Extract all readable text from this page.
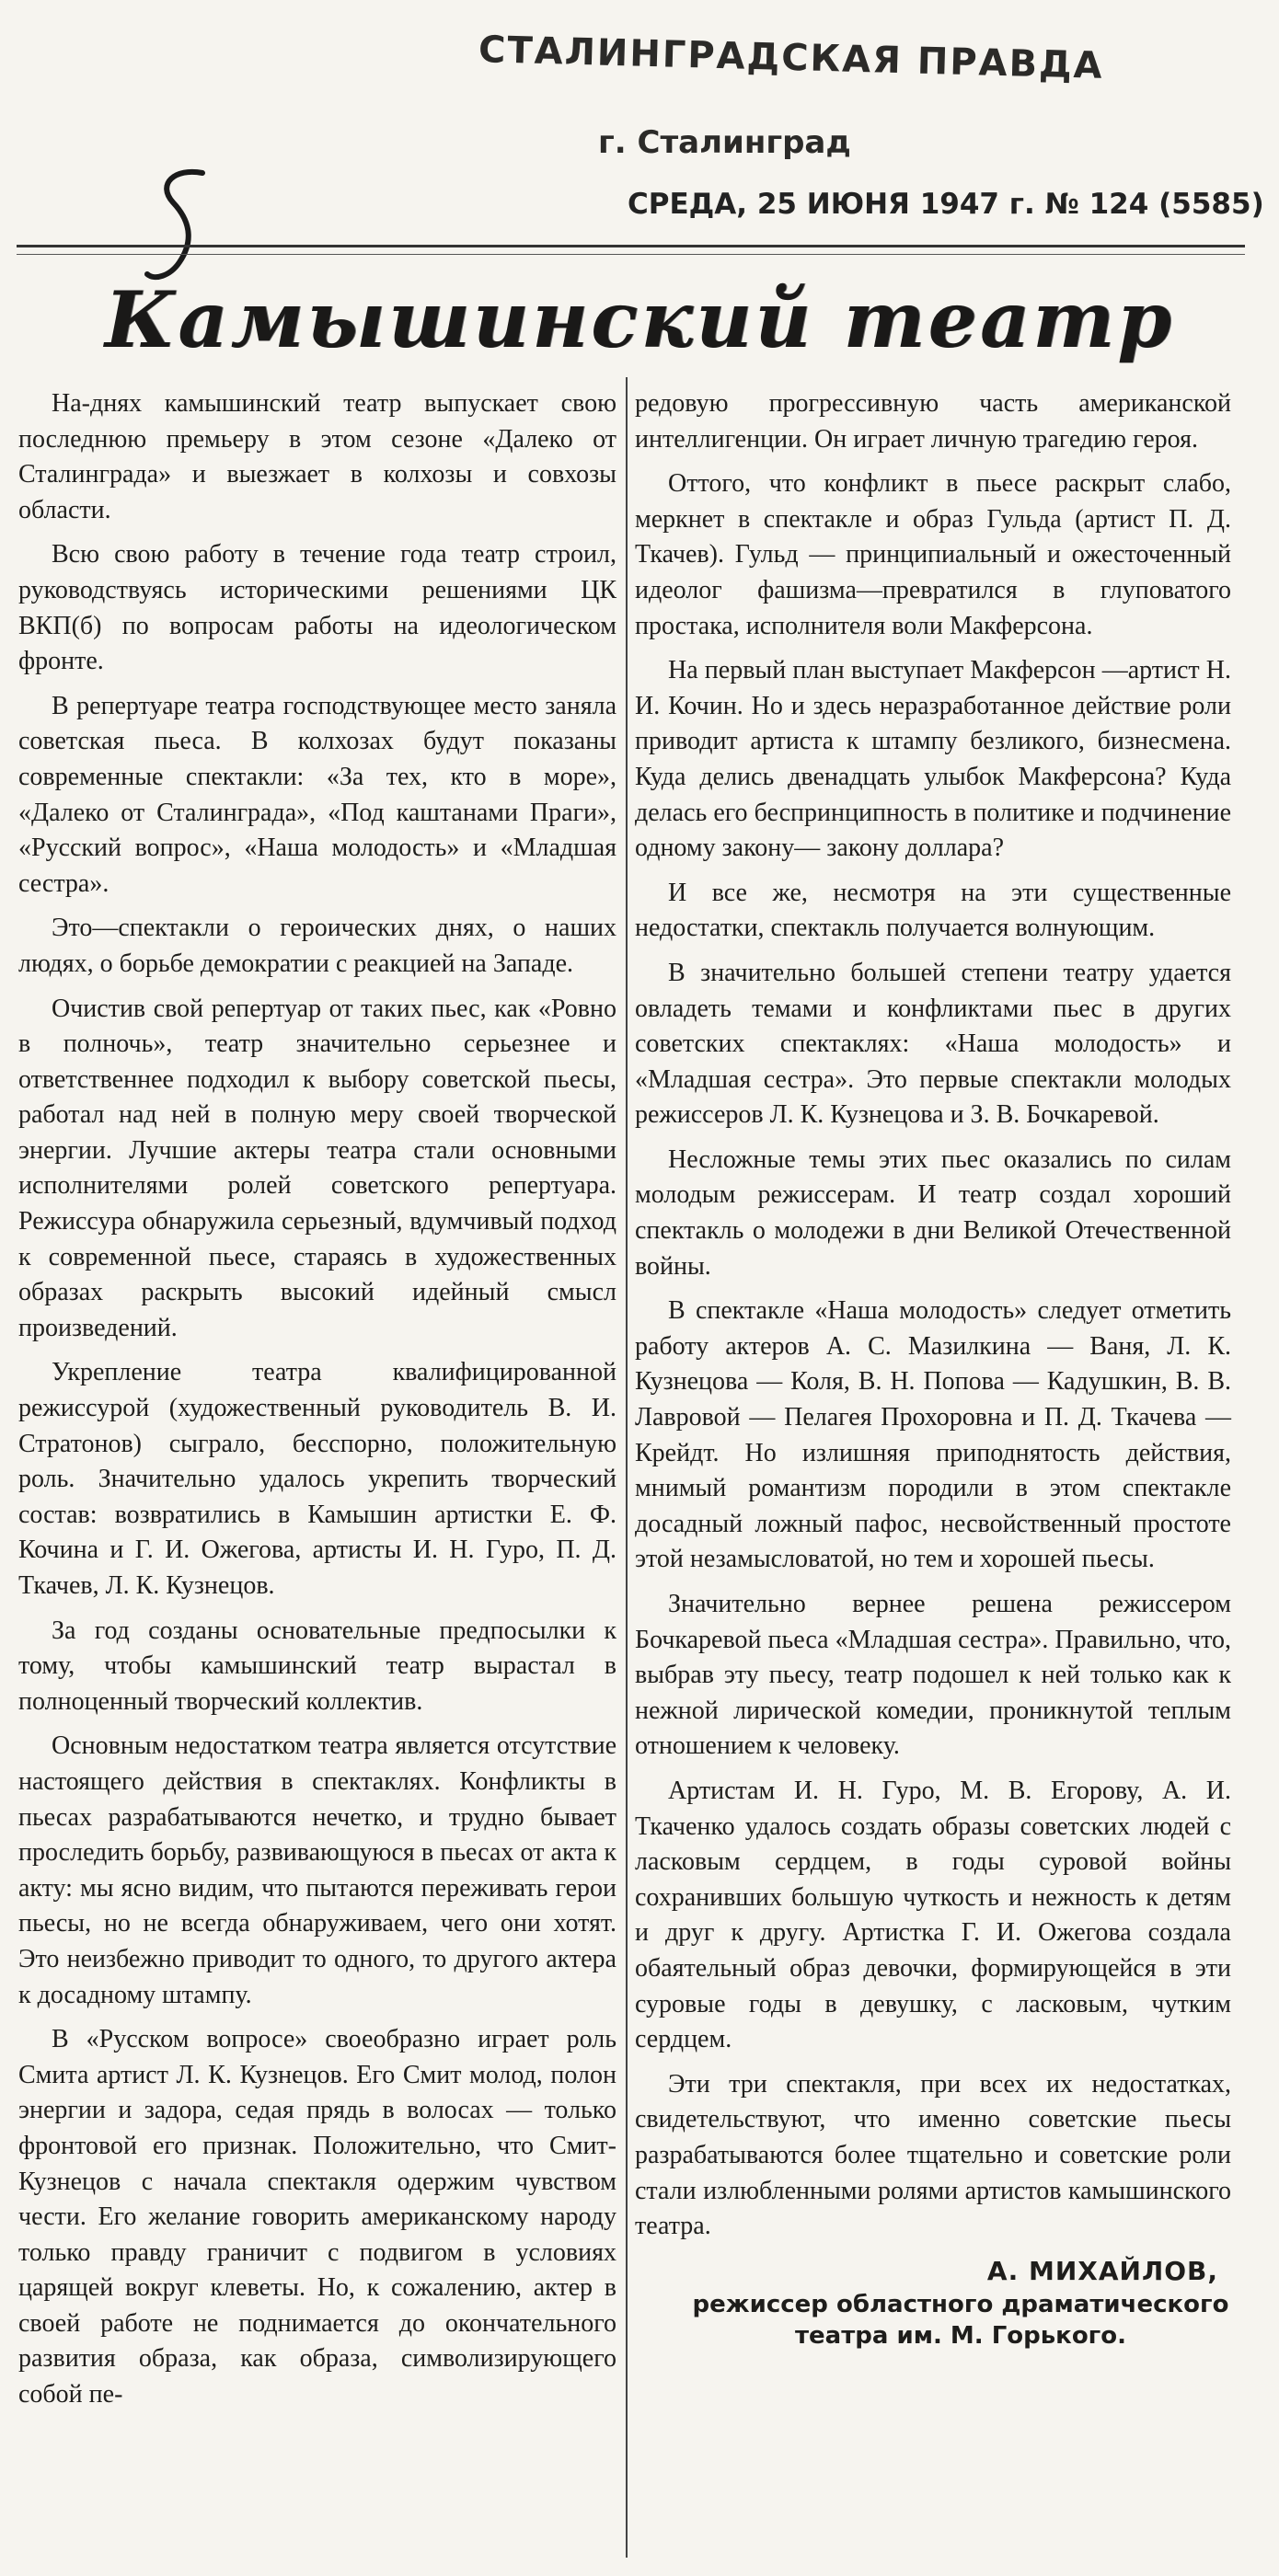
СТАЛИНГРАДСКАЯ ПРАВДА
г. Сталинград
СРЕДА, 25 ИЮНЯ 1947 г. № 124 (5585)
Камышинский театр

На-днях камышинский театр выпускает свою последнюю премьеру в этом сезоне «Далеко от Сталинграда» и выезжает в колхозы и совхозы области.

Всю свою работу в течение года театр строил, руководствуясь историческими решениями ЦК ВКП(б) по вопросам работы на идеологическом фронте.

В репертуаре театра господствующее место заняла советская пьеса. В колхозах будут показаны современные спектакли: «За тех, кто в море», «Далеко от Сталинграда», «Под каштанами Праги», «Русский вопрос», «Наша молодость» и «Младшая сестра».

Это—спектакли о героических днях, о наших людях, о борьбе демократии с реакцией на Западе.

Очистив свой репертуар от таких пьес, как «Ровно в полночь», театр значительно серьезнее и ответственнее подходил к выбору советской пьесы, работал над ней в полную меру своей творческой энергии. Лучшие актеры театра стали основными исполнителями ролей советского репертуара. Режиссура обнаружила серьезный, вдумчивый подход к современной пьесе, стараясь в художественных образах раскрыть высокий идейный смысл произведений.

Укрепление театра квалифицированной режиссурой (художественный руководитель В. И. Стратонов) сыграло, бесспорно, положительную роль. Значительно удалось укрепить творческий состав: возвратились в Камышин артистки Е. Ф. Кочина и Г. И. Ожегова, артисты И. Н. Гуро, П. Д. Ткачев, Л. К. Кузнецов.

За год созданы основательные предпосылки к тому, чтобы камышинский театр вырастал в полноценный творческий коллектив.

Основным недостатком театра является отсутствие настоящего действия в спектаклях. Конфликты в пьесах разрабатываются нечетко, и трудно бывает проследить борьбу, развивающуюся в пьесах от акта к акту: мы ясно видим, что пытаются переживать герои пьесы, но не всегда обнаруживаем, чего они хотят. Это неизбежно приводит то одного, то другого актера к досадному штампу.

В «Русском вопросе» своеобразно играет роль Смита артист Л. К. Кузнецов. Его Смит молод, полон энергии и задора, седая прядь в волосах — только фронтовой его признак. Положительно, что Смит-Кузнецов с начала спектакля одержим чувством чести. Его желание говорить американскому народу только правду граничит с подвигом в условиях царящей вокруг клеветы. Но, к сожалению, актер в своей работе не поднимается до окончательного развития образа, как образа, символизирующего собой пе-

редовую прогрессивную часть американской интеллигенции. Он играет личную трагедию героя.

Оттого, что конфликт в пьесе раскрыт слабо, меркнет в спектакле и образ Гульда (артист П. Д. Ткачев). Гульд — принципиальный и ожесточенный идеолог фашизма—превратился в глуповатого простака, исполнителя воли Макферсона.

На первый план выступает Макферсон —артист Н. И. Кочин. Но и здесь неразработанное действие роли приводит артиста к штампу безликого, бизнесмена. Куда делись двенадцать улыбок Макферсона? Куда делась его беспринципность в политике и подчинение одному закону— закону доллара?

И все же, несмотря на эти существенные недостатки, спектакль получается волнующим.

В значительно большей степени театру удается овладеть темами и конфликтами пьес в других советских спектаклях: «Наша молодость» и «Младшая сестра». Это первые спектакли молодых режиссеров Л. К. Кузнецова и З. В. Бочкаревой.

Несложные темы этих пьес оказались по силам молодым режиссерам. И театр создал хороший спектакль о молодежи в дни Великой Отечественной войны.

В спектакле «Наша молодость» следует отметить работу актеров А. С. Мазилкина — Ваня, Л. К. Кузнецова — Коля, В. Н. Попова — Кадушкин, В. В. Лавровой — Пелагея Прохоровна и П. Д. Ткачева — Крейдт. Но излишняя приподнятость действия, мнимый романтизм породили в этом спектакле досадный ложный пафос, несвойственный простоте этой незамысловатой, но тем и хорошей пьесы.

Значительно вернее решена режиссером Бочкаревой пьеса «Младшая сестра». Правильно, что, выбрав эту пьесу, театр подошел к ней только как к нежной лирической комедии, проникнутой теплым отношением к человеку.

Артистам И. Н. Гуро, М. В. Егорову, А. И. Ткаченко удалось создать образы советских людей с ласковым сердцем, в годы суровой войны сохранивших большую чуткость и нежность к детям и друг к другу. Артистка Г. И. Ожегова создала обаятельный образ девочки, формирующейся в эти суровые годы в девушку, с ласковым, чутким сердцем.

Эти три спектакля, при всех их недостатках, свидетельствуют, что именно советские пьесы разрабатываются более тщательно и советские роли стали излюбленными ролями артистов камышинского театра.

А. МИХАЙЛОВ,
режиссер областного драматического театра им. М. Горького.
